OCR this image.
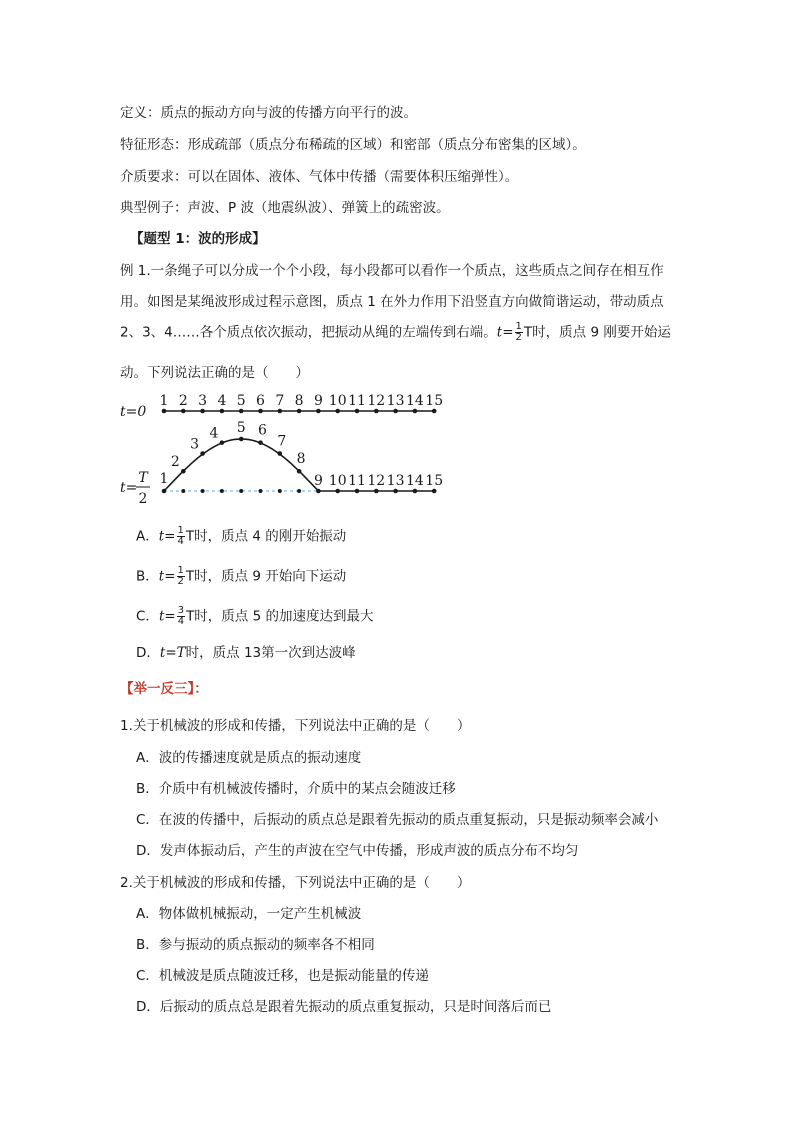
定义：质点的振动方向与波的传播方向平行的波。
特征形态：形成疏部（质点分布稀疏的区域）和密部（质点分布密集的区域）。
介质要求：可以在固体、液体、气体中传播（需要体积压缩弹性）。
典型例子：声波、P 波（地震纵波）、弹簧上的疏密波。
【题型 1：波的形成】
例 1.一条绳子可以分成一个个小段，每小段都可以看作一个质点，这些质点之间存在相互作
用。如图是某绳波形成过程示意图，质点 1 在外力作用下沿竖直方向做简谐运动，带动质点
2、3、4……各个质点依次振动，把振动从绳的左端传到右端。$t= \frac{1}{2}$ T时，质点 9 刚要开始运
动。下列说法正确的是（　　）
t=0
1 2 3 4 5 6 7 8 9 10 11 12 13 14 15
t=
T
2
1
2
3
4 5 6
7
8
9 10 11 12 13 14 15
A．$t= \frac{1}{4}$ T时，质点 4 的刚开始振动
B．$t= \frac{1}{2}$ T时，质点 9 开始向下运动
C．$t= \frac{3}{4}$ T时，质点 5 的加速度达到最大
D．t=T时，质点 13第一次到达波峰
【举一反三】：
1.关于机械波的形成和传播，下列说法中正确的是（　　）
A．波的传播速度就是质点的振动速度
B．介质中有机械波传播时，介质中的某点会随波迁移
C．在波的传播中，后振动的质点总是跟着先振动的质点重复振动，只是振动频率会减小
D．发声体振动后，产生的声波在空气中传播，形成声波的质点分布不均匀
2.关于机械波的形成和传播，下列说法中正确的是（　　）
A．物体做机械振动，一定产生机械波
B．参与振动的质点振动的频率各不相同
C．机械波是质点随波迁移，也是振动能量的传递
D．后振动的质点总是跟着先振动的质点重复振动，只是时间落后而已
